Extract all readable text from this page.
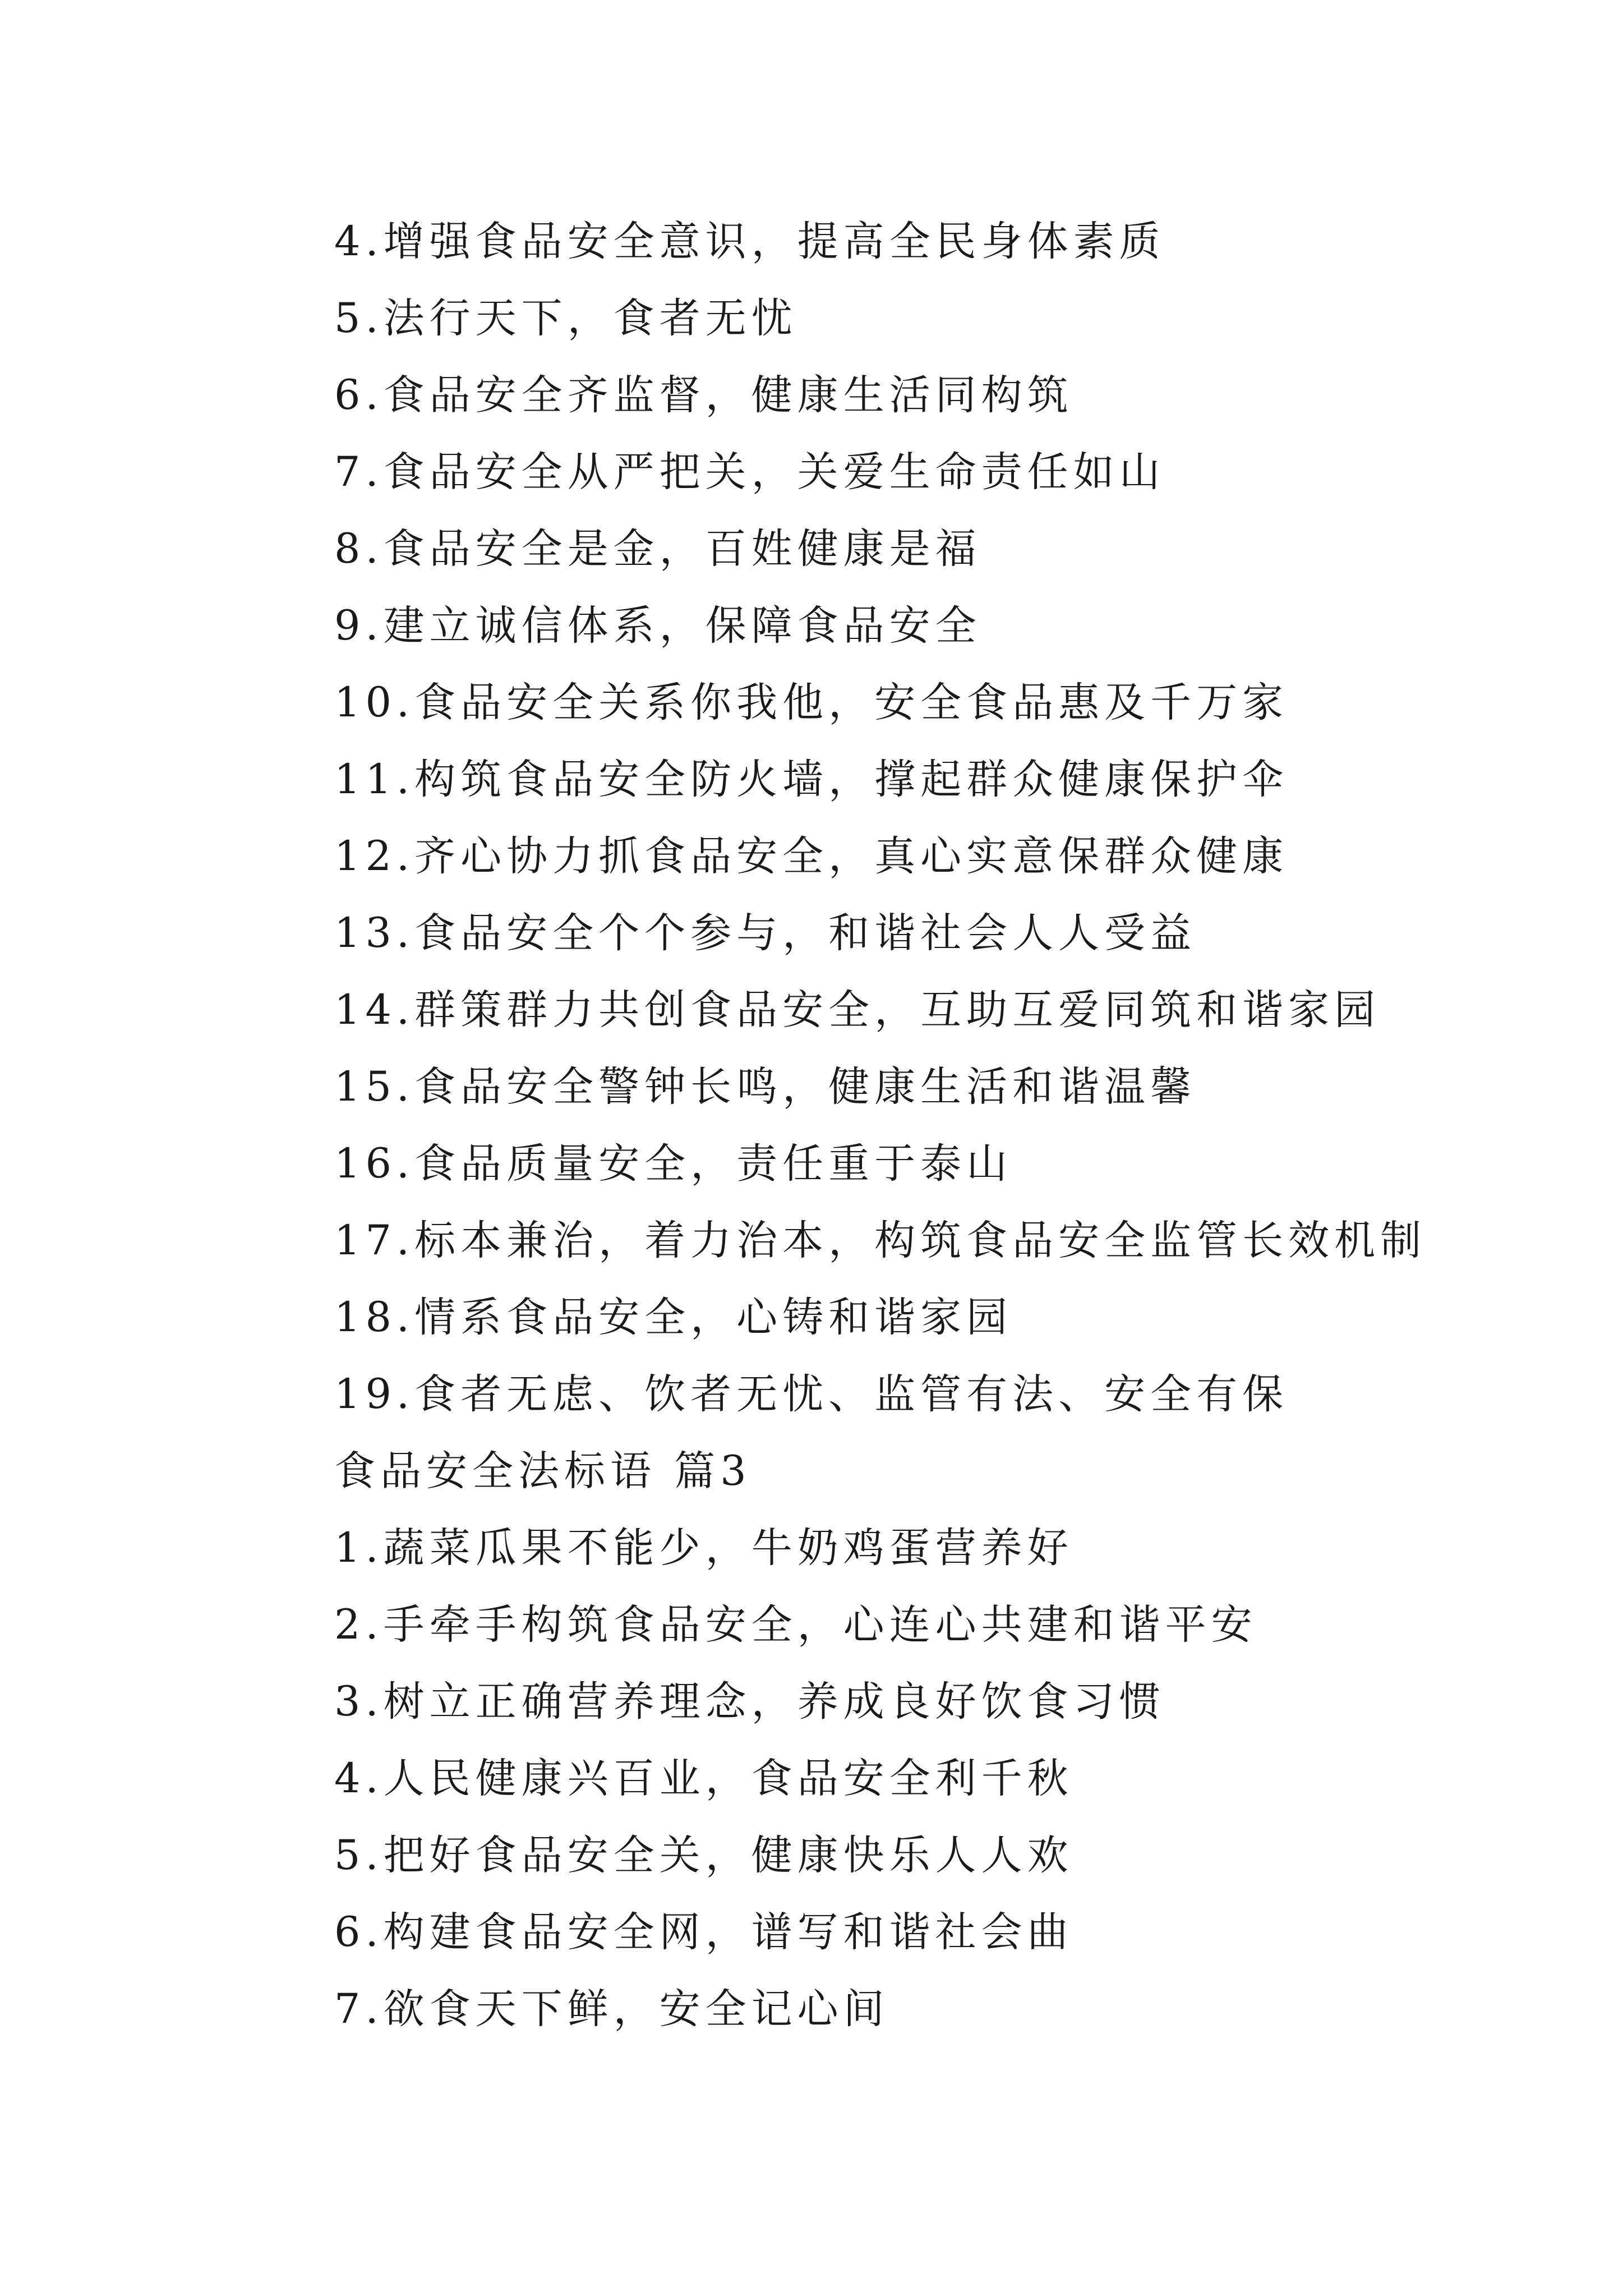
4.增强食品安全意识，提高全民身体素质
5.法行天下，食者无忧
6.食品安全齐监督，健康生活同构筑
7.食品安全从严把关，关爱生命责任如山
8.食品安全是金，百姓健康是福
9.建立诚信体系，保障食品安全
10.食品安全关系你我他，安全食品惠及千万家
11.构筑食品安全防火墙，撑起群众健康保护伞
12.齐心协力抓食品安全，真心实意保群众健康
13.食品安全个个参与，和谐社会人人受益
14.群策群力共创食品安全，互助互爱同筑和谐家园
15.食品安全警钟长鸣，健康生活和谐温馨
16.食品质量安全，责任重于泰山
17.标本兼治，着力治本，构筑食品安全监管长效机制
18.情系食品安全，心铸和谐家园
19.食者无虑、饮者无忧、监管有法、安全有保
食品安全法标语 篇3
1.蔬菜瓜果不能少，牛奶鸡蛋营养好
2.手牵手构筑食品安全，心连心共建和谐平安
3.树立正确营养理念，养成良好饮食习惯
4.人民健康兴百业，食品安全利千秋
5.把好食品安全关，健康快乐人人欢
6.构建食品安全网，谱写和谐社会曲
7.欲食天下鲜，安全记心间
